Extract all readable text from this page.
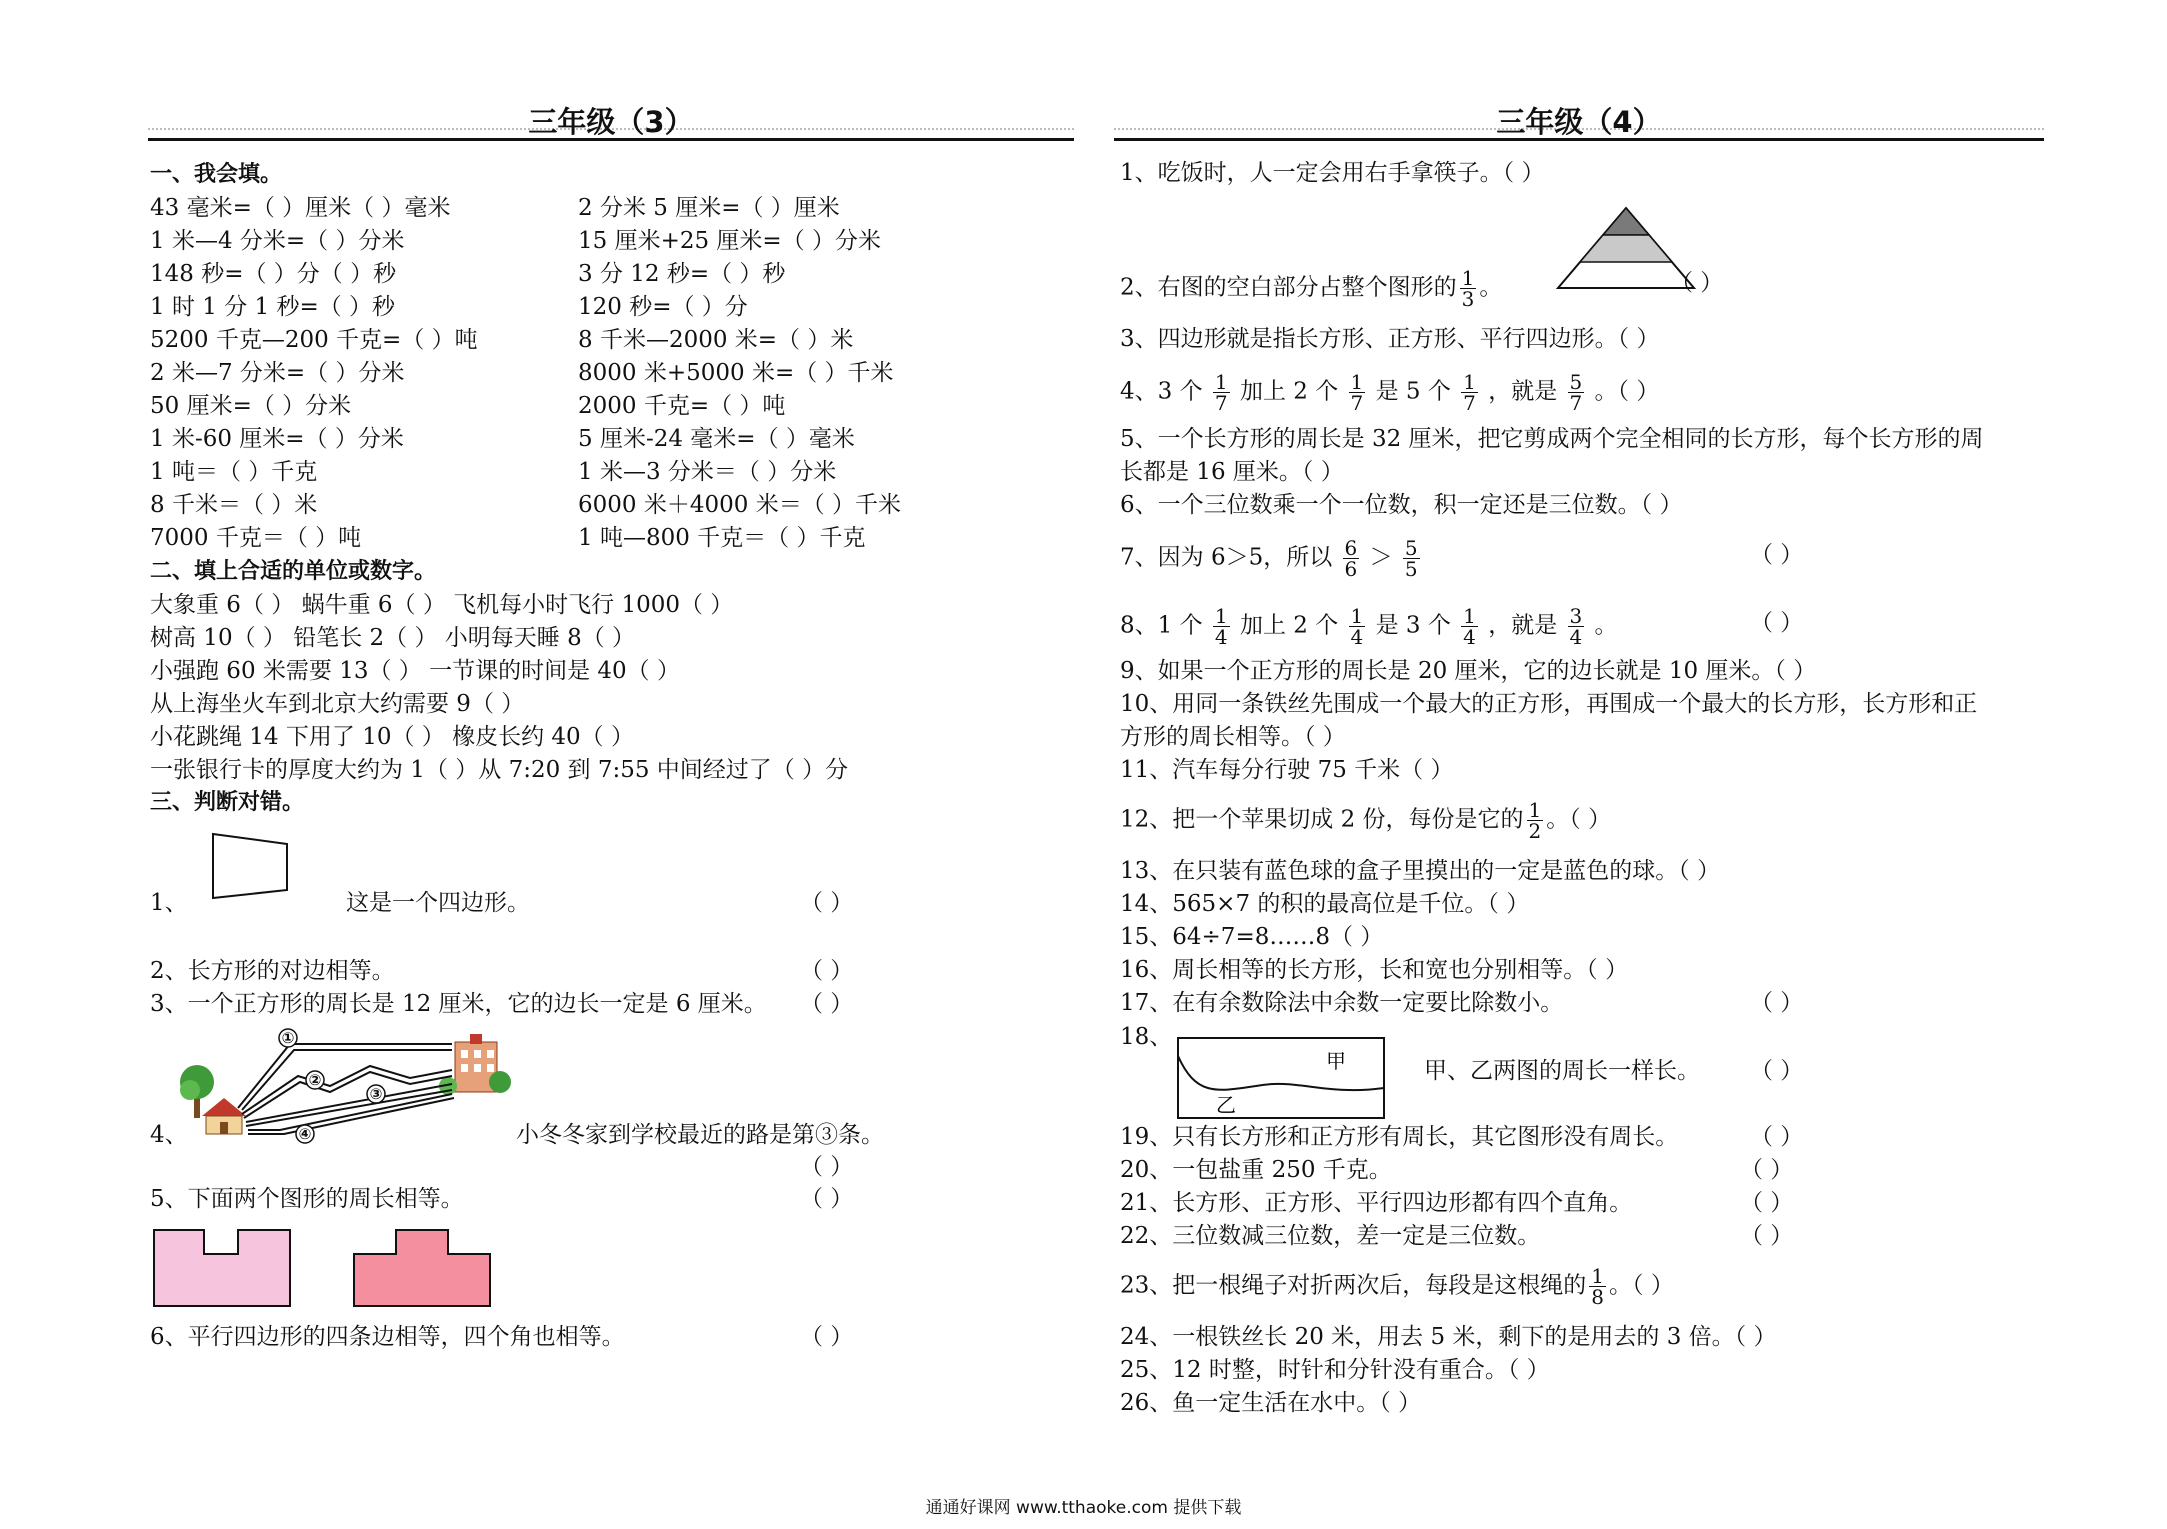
三年级（3）	三年级（4）
一、我会填。
43 毫米=（ ）厘米（ ）毫米	2 分米 5 厘米=（ ）厘米
1 米—4 分米=（ ）分米	15 厘米+25 厘米=（ ）分米
148 秒=（ ）分（ ）秒	3 分 12 秒=（ ）秒
1 时 1 分 1 秒=（ ）秒	120 秒=（ ）分
5200 千克—200 千克=（ ）吨	8 千米—2000 米=（ ）米
2 米—7 分米=（ ）分米	8000 米+5000 米=（ ）千米
50 厘米=（ ）分米	2000 千克=（ ）吨
1 米-60 厘米=（ ）分米	5 厘米-24 毫米=（ ）毫米
1 吨＝（ ）千克	1 米—3 分米＝（ ）分米
8 千米＝（ ）米	6000 米＋4000 米＝（ ）千米
7000 千克＝（ ）吨	1 吨—800 千克＝（ ）千克
二、填上合适的单位或数字。
大象重 6（ ） 蜗牛重 6（ ） 飞机每小时飞行 1000（ ）
树高 10（ ） 铅笔长 2（ ） 小明每天睡 8（ ）
小强跑 60 米需要 13（ ） 一节课的时间是 40（ ）
从上海坐火车到北京大约需要 9（ ）
小花跳绳 14 下用了 10（ ） 橡皮长约 40（ ）
一张银行卡的厚度大约为 1（ ）从 7:20 到 7:55 中间经过了（ ）分
三、判断对错。
1、	这是一个四边形。	（ ）
2、长方形的对边相等。	（ ）
3、一个正方形的周长是 12 厘米，它的边长一定是 6 厘米。 （ ）
①
②
③
④
4、	小冬冬家到学校最近的路是第③条。
（ ）
5、下面两个图形的周长相等。	（ ）
6、平行四边形的四条边相等，四个角也相等。	（ ）
1、吃饭时，人一定会用右手拿筷子。（ ）
2、右图的空白部分占整个图形的 $\frac{1}{3}$ 。	（ ）
3、四边形就是指长方形、正方形、平行四边形。（ ）
4、3 个 $\frac{1}{7}$ 加上 2 个 $\frac{1}{7}$ 是 5 个 $\frac{1}{7}$ ，就是 $\frac{5}{7}$ 。（ ）
5、一个长方形的周长是 32 厘米，把它剪成两个完全相同的长方形，每个长方形的周
长都是 16 厘米。（ ）
6、一个三位数乘一个一位数，积一定还是三位数。（ ）
7、因为 6＞5，所以 $\frac{6}{6} > \frac{5}{5}$	（ ）
8、1 个 $\frac{1}{4}$ 加上 2 个 $\frac{1}{4}$ 是 3 个 $\frac{1}{4}$ ，就是 $\frac{3}{4}$ 。	（ ）
9、如果一个正方形的周长是 20 厘米，它的边长就是 10 厘米。（ ）
10、用同一条铁丝先围成一个最大的正方形，再围成一个最大的长方形，长方形和正
方形的周长相等。（ ）
11、汽车每分行驶 75 千米（ ）
12、把一个苹果切成 2 份，每份是它的 $\frac{1}{2}$ 。（ ）
13、在只装有蓝色球的盒子里摸出的一定是蓝色的球。（ ）
14、565×7 的积的最高位是千位。（ ）
15、64÷7=8……8（ ）
16、周长相等的长方形，长和宽也分别相等。（ ）
17、在有余数除法中余数一定要比除数小。	（ ）
18、
甲
乙
甲、乙两图的周长一样长。 （ ）
19、只有长方形和正方形有周长，其它图形没有周长。	（ ）
20、一包盐重 250 千克。	（ ）
21、长方形、正方形、平行四边形都有四个直角。	（ ）
22、三位数减三位数，差一定是三位数。	（ ）
23、把一根绳子对折两次后，每段是这根绳的 $\frac{1}{8}$ 。（ ）
24、一根铁丝长 20 米，用去 5 米，剩下的是用去的 3 倍。（ ）
25、12 时整，时针和分针没有重合。（ ）
26、鱼一定生活在水中。（ ）
通通好课网 www.tthaoke.com 提供下载
